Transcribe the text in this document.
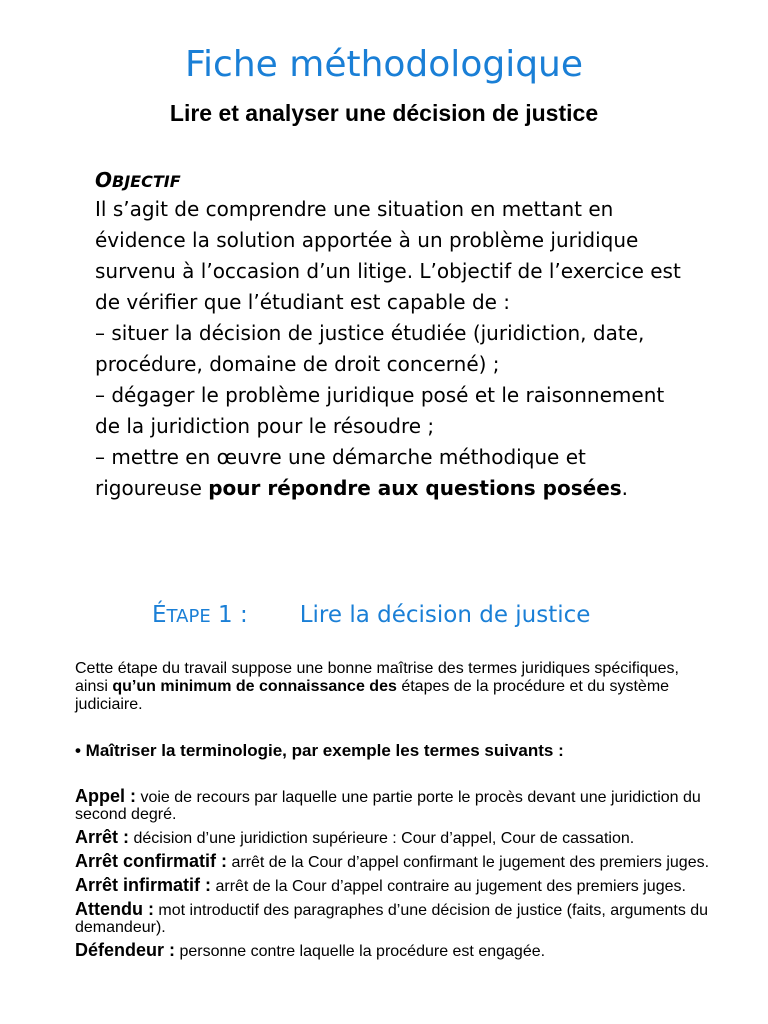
Fiche méthodologique
Lire et analyser une décision de justice
OBJECTIF

Il s’agit de comprendre une situation en mettant en

évidence la solution apportée à un problème juridique

survenu à l’occasion d’un litige. L’objectif de l’exercice est

de vérifier que l’étudiant est capable de :

– situer la décision de justice étudiée (juridiction, date,

procédure, domaine de droit concerné) ;

– dégager le problème juridique posé et le raisonnement

de la juridiction pour le résoudre ;

– mettre en œuvre une démarche méthodique et

rigoureuse pour répondre aux questions posées.

ÉTAPE 1 : Lire la décision de justice

Cette étape du travail suppose une bonne maîtrise des termes juridiques spécifiques, ainsi qu’un minimum de connaissance des étapes de la procédure et du système judiciaire.

• Maîtriser la terminologie, par exemple les termes suivants :

Appel : voie de recours par laquelle une partie porte le procès devant une juridiction du second degré.
Arrêt : décision d’une juridiction supérieure : Cour d’appel, Cour de cassation.
Arrêt confirmatif : arrêt de la Cour d’appel confirmant le jugement des premiers juges.
Arrêt infirmatif : arrêt de la Cour d’appel contraire au jugement des premiers juges.
Attendu : mot introductif des paragraphes d’une décision de justice (faits, arguments du demandeur).
Défendeur : personne contre laquelle la procédure est engagée.
